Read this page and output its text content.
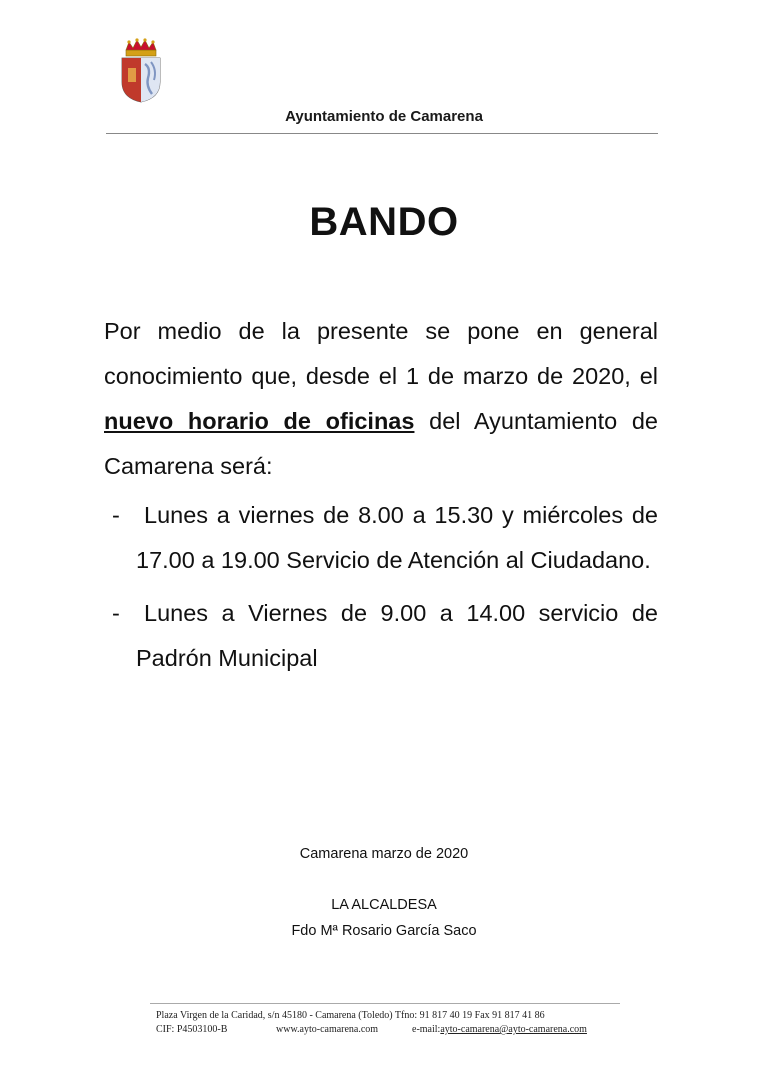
Ayuntamiento de Camarena
BANDO

Por medio de la presente se pone en general conocimiento que, desde el 1 de marzo de 2020, el nuevo horario de oficinas del Ayuntamiento de Camarena será:

- Lunes a viernes de 8.00 a 15.30 y miércoles de 17.00 a 19.00 Servicio de Atención al Ciudadano.
- Lunes a Viernes de 9.00 a 14.00 servicio de Padrón Municipal
Camarena marzo de 2020
LA ALCALDESA
Fdo Mª Rosario García Saco
Plaza Virgen de la Caridad, s/n 45180 - Camarena (Toledo) Tfno: 91 817 40 19 Fax 91 817 41 86
CIF: P4503100-B	www.ayto-camarena.com	e-mail:ayto-camarena@ayto-camarena.com
